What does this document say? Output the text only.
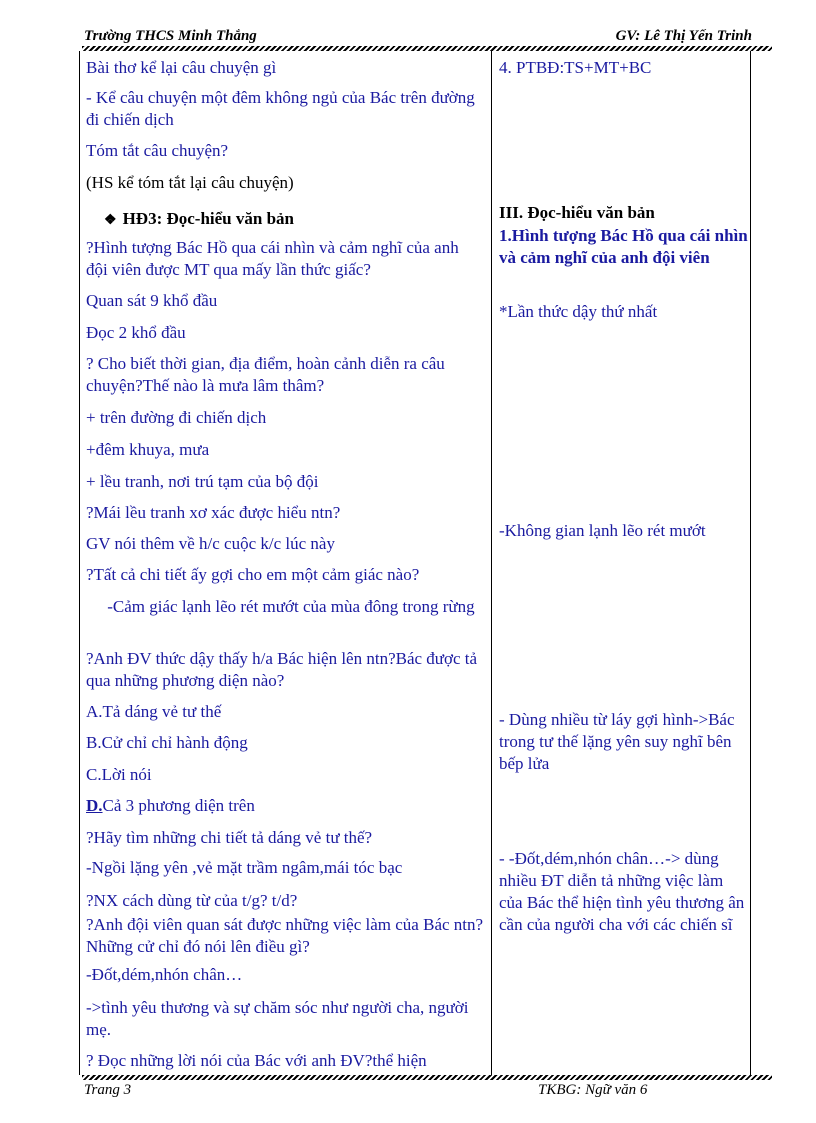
Trường THCS Minh Thắng	GV: Lê Thị Yến Trinh

Bài thơ kể lại câu chuyện gì

- Kể câu chuyện một đêm không ngủ của Bác trên đường đi chiến dịch

Tóm tắt câu chuyện?

(HS kể tóm tắt lại câu chuyện)

❖ HĐ3: Đọc-hiểu văn bản

?Hình tượng Bác Hồ qua cái nhìn và cảm nghĩ của anh đội viên được MT qua mấy lần thức giấc?

Quan sát 9 khổ đầu

Đọc 2 khổ đầu

? Cho biết thời gian, địa điểm, hoàn cảnh diễn ra câu chuyện?Thế nào là mưa lâm thâm?

+ trên đường đi chiến dịch

+đêm khuya, mưa

+ lều tranh, nơi trú tạm của bộ đội

?Mái lều tranh xơ xác được hiểu ntn?

GV nói thêm về h/c cuộc k/c lúc này

?Tất cả chi tiết ấy gợi cho em một cảm giác nào?

-Cảm giác lạnh lẽo rét mướt của mùa đông trong rừng

?Anh ĐV thức dậy thấy h/a Bác hiện lên ntn?Bác được tả qua những phương diện nào?

A.Tả dáng vẻ tư thế

B.Cử chỉ chỉ hành động

C.Lời nói

D.Cả 3 phương diện trên

?Hãy tìm những chi tiết tả dáng vẻ tư thế?

-Ngồi lặng yên ,vẻ mặt trầm ngâm,mái tóc bạc

?NX cách dùng từ của t/g? t/d?

?Anh đội viên quan sát được những việc làm của Bác ntn?Những cử chỉ đó nói lên điều gì?

-Đốt,dém,nhón chân…

->tình yêu thương và sự chăm sóc như người cha, người mẹ.

? Đọc những lời nói của Bác với anh ĐV?thể hiện

4. PTBĐ:TS+MT+BC

III. Đọc-hiểu văn bản

1.Hình tượng Bác Hồ qua cái nhìn và cảm nghĩ của anh đội viên

*Lần thức dậy thứ nhất

-Không gian lạnh lẽo rét mướt

- Dùng nhiều từ láy gợi hình->Bác trong tư thế lặng yên suy nghĩ bên bếp lửa

- -Đốt,dém,nhón chân…-> dùng nhiều ĐT diễn tả những việc làm của Bác thể hiện tình yêu thương ân cần của người cha với các chiến sĩ

Trang 3	TKBG: Ngữ văn 6
